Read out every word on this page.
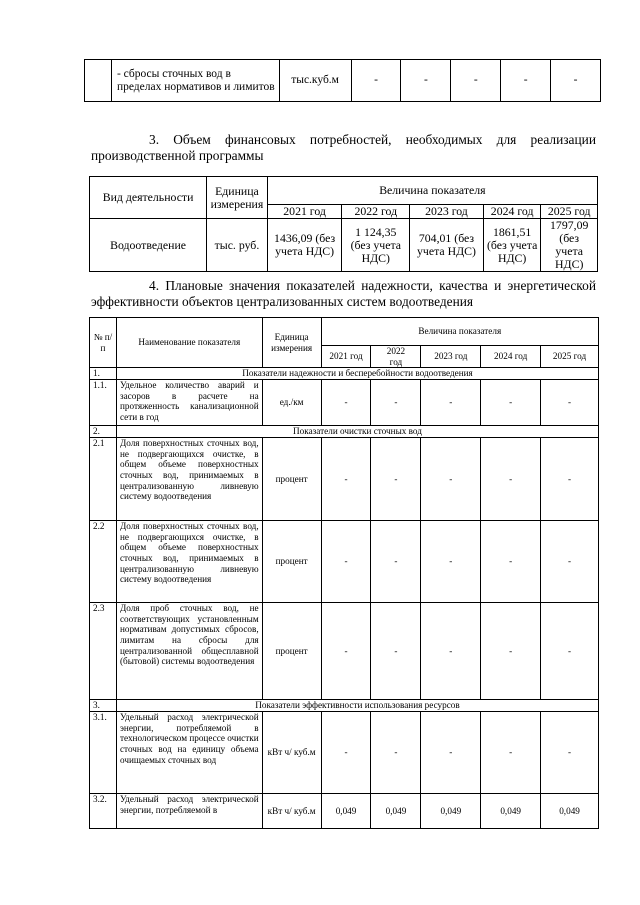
	- сбросы сточных вод в пределах нормативов и лимитов	тыс.куб.м	-	-	-	-	-
3. Объем финансовых потребностей, необходимых для реализации
производственной программы
Вид деятельности	Единица измерения	Величина показателя				
		2021 год	2022 год	2023 год	2024 год	2025 год
Водоотведение	тыс. руб.	1436,09 (без учета НДС)	1 124,35 (без учета НДС)	704,01 (без учета НДС)	1861,51 (без учета НДС)	1797,09 (без учета НДС)
4. Плановые значения показателей надежности, качества и энергетической
эффективности объектов централизованных систем водоотведения
№ п/п	Наименование показателя	Единица измерения	Величина показателя				
			2021 год	2022 год	2023 год	2024 год	2025 год
1.	Показатели надежности и бесперебойности водоотведения						
1.1.	Удельное количество аварий и засоров в расчете на протяженность канализационной сети в год	ед./км	-	-	-	-	-
2.	Показатели очистки сточных вод						
2.1	Доля поверхностных сточных вод, не подвергающихся очистке, в общем объеме поверхностных сточных вод, принимаемых в централизованную ливневую систему водоотведения	процент	-	-	-	-	-
2.2	Доля поверхностных сточных вод, не подвергающихся очистке, в общем объеме поверхностных сточных вод, принимаемых в централизованную ливневую систему водоотведения	процент	-	-	-	-	-
2.3	Доля проб сточных вод, не соответствующих установленным нормативам допустимых сбросов, лимитам на сбросы для централизованной общесплавной (бытовой) системы водоотведения	процент	-	-	-	-	-
3.	Показатели эффективности использования ресурсов						
3.1.	Удельный расход электрической энергии, потребляемой в технологическом процессе очистки сточных вод на единицу объема очищаемых сточных вод	кВт ч/ куб.м	-	-	-	-	-
3.2.	Удельный расход электрической энергии, потребляемой в	кВт ч/ куб.м	0,049	0,049	0,049	0,049	0,049
